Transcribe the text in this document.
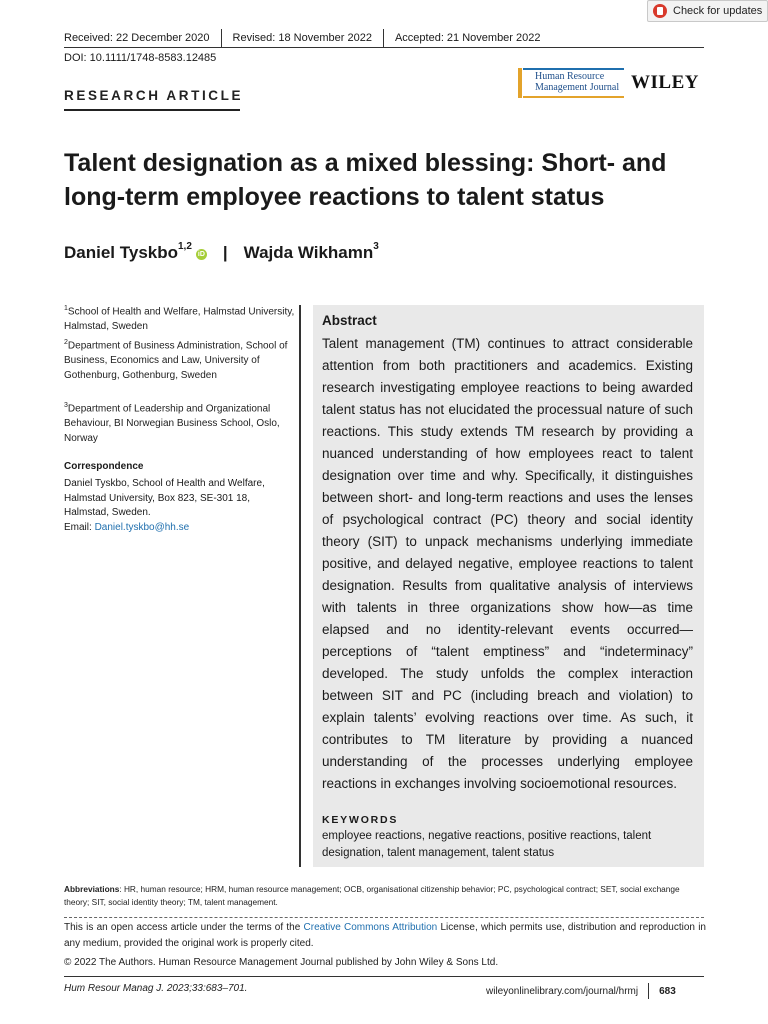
Check for updates
Received: 22 December 2020 Revised: 18 November 2022 Accepted: 21 November 2022
DOI: 10.1111/1748-8583.12485
RESEARCH ARTICLE
Human Resource
Management Journal WILEY
Talent designation as a mixed blessing: Short- and
long-term employee reactions to talent status
Daniel Tyskbo$^{1,2}$
iD | Wajda Wikhamn$^3$
$^1$School of Health and Welfare, Halmstad University, Halmstad, Sweden
$^2$Department of Business Administration, School of Business, Economics and Law, University of Gothenburg, Gothenburg, Sweden
$^3$Department of Leadership and Organizational Behaviour, BI Norwegian Business School, Oslo, Norway
Correspondence
Daniel Tyskbo, School of Health and Welfare, Halmstad University, Box 823, SE-301 18, Halmstad, Sweden.
Email: Daniel.tyskbo@hh.se
Abstract
Talent management (TM) continues to attract considerable attention from both practitioners and academics. Existing research investigating employee reactions to being awarded talent status has not elucidated the processual nature of such reactions. This study extends TM research by providing a nuanced understanding of how employees react to talent designation over time and why. Specifically, it distinguishes between short- and long-term reactions and uses the lenses of psychological contract (PC) theory and social identity theory (SIT) to unpack mechanisms underlying immediate positive, and delayed negative, employee reactions to talent designation. Results from qualitative analysis of interviews with talents in three organizations show how—as time elapsed and no identity-relevant events occurred—perceptions of “talent emptiness” and “indeterminacy” developed. The study unfolds the complex interaction between SIT and PC (including breach and violation) to explain talents’ evolving reactions over time. As such, it contributes to TM literature by providing a nuanced understanding of the processes underlying employee reactions in exchanges involving socioemotional resources.
KEYWORDS
employee reactions, negative reactions, positive reactions, talent designation, talent management, talent status
Abbreviations: HR, human resource; HRM, human resource management; OCB, organisational citizenship behavior; PC, psychological contract; SET, social exchange theory; SIT, social identity theory; TM, talent management.
This is an open access article under the terms of the Creative Commons Attribution License, which permits use, distribution and reproduction in any medium, provided the original work is properly cited.
© 2022 The Authors. Human Resource Management Journal published by John Wiley & Sons Ltd.
Hum Resour Manag J. 2023;33:683–701.	wileyonlinelibrary.com/journal/hrmj 683
